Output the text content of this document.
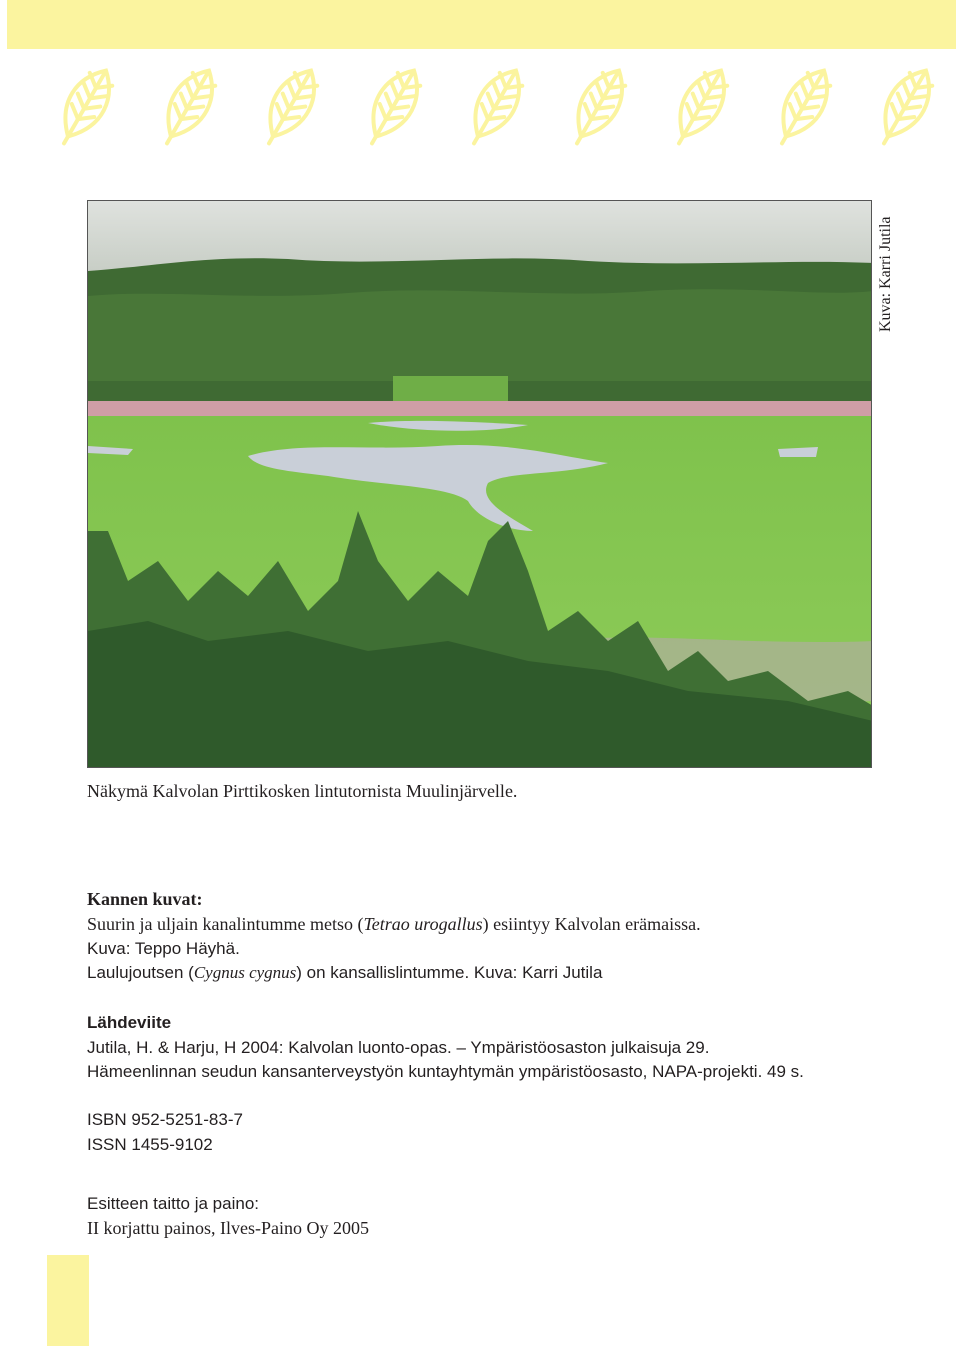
Kuva: Karri Jutila
Näkymä Kalvolan Pirttikosken lintutornista Muulinjärvelle.
Kannen kuvat:
Suurin ja uljain kanalintumme metso (Tetrao urogallus) esiintyy Kalvolan erämaissa.
Kuva: Teppo Häyhä.
Laulujoutsen (Cygnus cygnus) on kansallislintumme. Kuva: Karri Jutila
Lähdeviite
Jutila, H. & Harju, H 2004: Kalvolan luonto-opas. – Ympäristöosaston julkaisuja 29.
Hämeenlinnan seudun kansanterveystyön kuntayhtymän ympäristöosasto, NAPA-projekti. 49 s.
ISBN 952-5251-83-7
ISSN 1455-9102
Esitteen taitto ja paino:
II korjattu painos, Ilves-Paino Oy 2005
